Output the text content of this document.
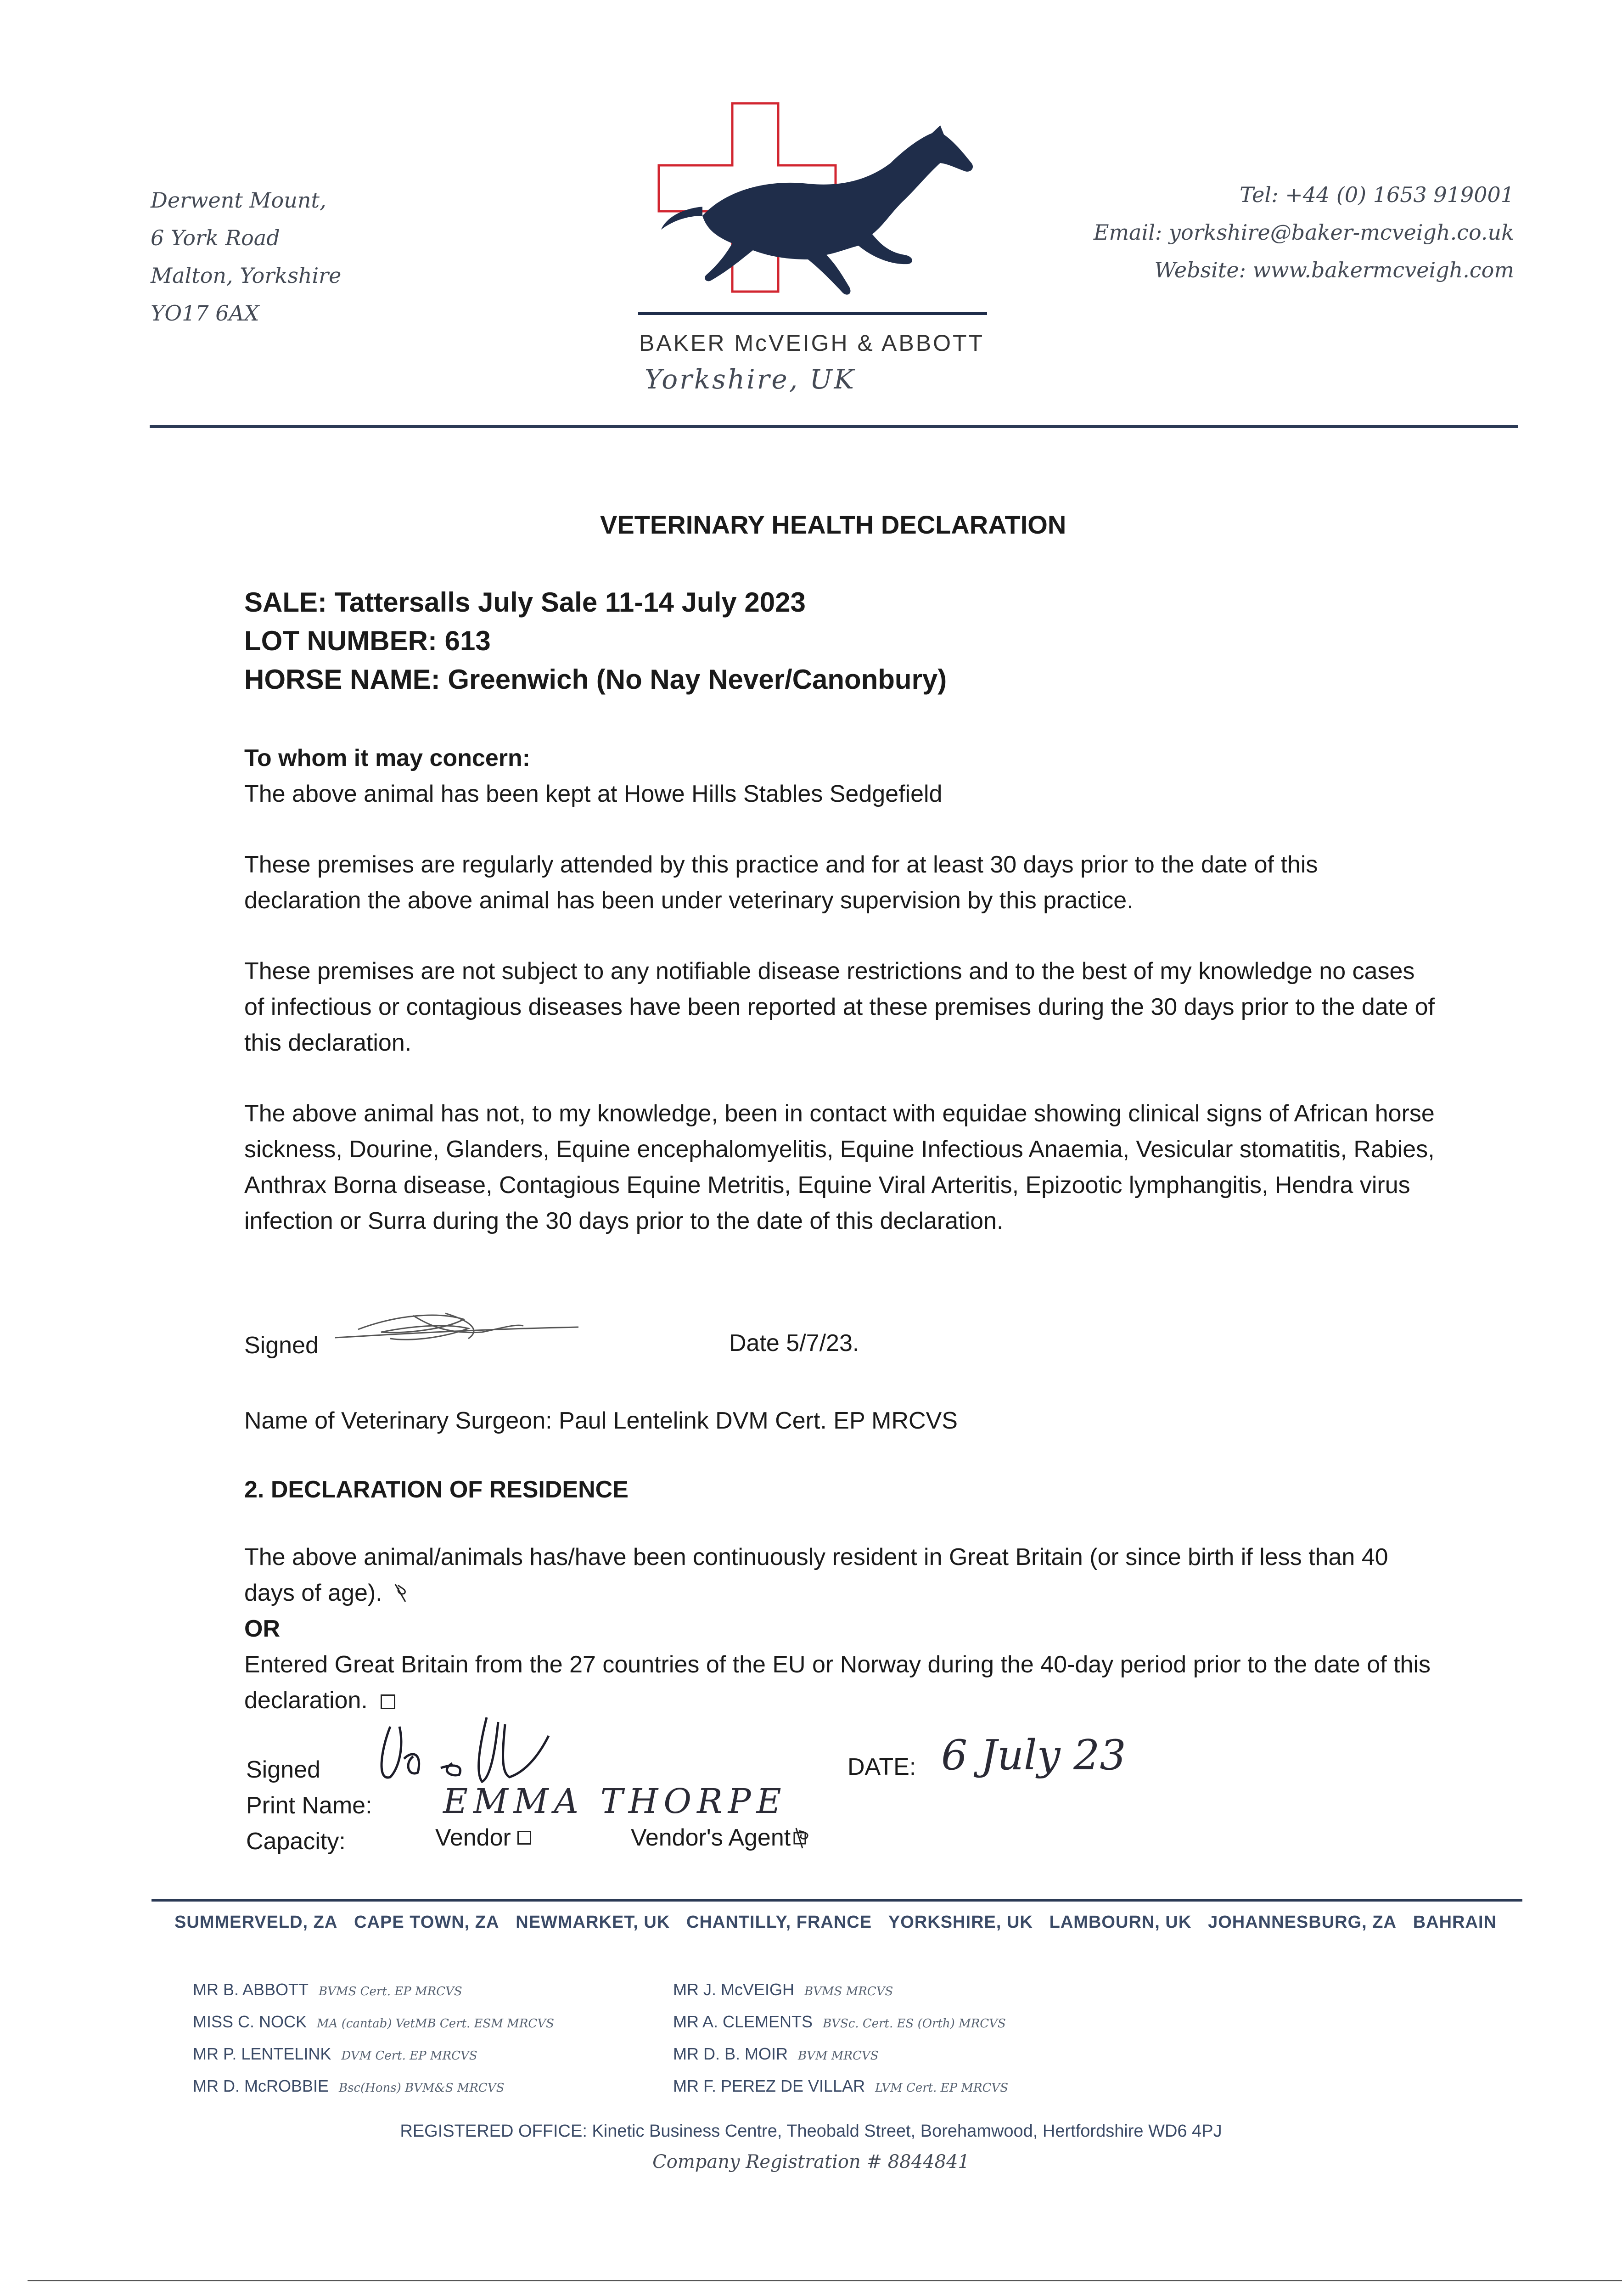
Derwent Mount,
6 York Road
Malton, Yorkshire
YO17 6AX
BAKER McVEIGH & ABBOTT
Yorkshire, UK
Tel: +44 (0) 1653 919001
Email: yorkshire@baker-mcveigh.co.uk
Website: www.bakermcveigh.com
VETERINARY HEALTH DECLARATION
SALE: Tattersalls July Sale 11-14 July 2023
LOT NUMBER: 613
HORSE NAME: Greenwich (No Nay Never/Canonbury)
To whom it may concern:
The above animal has been kept at Howe Hills Stables Sedgefield
These premises are regularly attended by this practice and for at least 30 days prior to the date of this declaration the above animal has been under veterinary supervision by this practice.
These premises are not subject to any notifiable disease restrictions and to the best of my knowledge no cases of infectious or contagious diseases have been reported at these premises during the 30 days prior to the date of this declaration.
The above animal has not, to my knowledge, been in contact with equidae showing clinical signs of African horse sickness, Dourine, Glanders, Equine encephalomyelitis, Equine Infectious Anaemia, Vesicular stomatitis, Rabies, Anthrax Borna disease, Contagious Equine Metritis, Equine Viral Arteritis, Epizootic lymphangitis, Hendra virus infection or Surra during the 30 days prior to the date of this declaration.
Signed	Date 5/7/23.
Name of Veterinary Surgeon: Paul Lentelink DVM Cert. EP MRCVS
2. DECLARATION OF RESIDENCE
The above animal/animals has/have been continuously resident in Great Britain (or since birth if less than 40 days of age).
OR
Entered Great Britain from the 27 countries of the EU or Norway during the 40-day period prior to the date of this declaration.
Signed
Print Name:
Capacity:
EMMA THORPE
DATE: 6 July 23
Vendor	Vendor's Agent
SUMMERVELD, ZA CAPE TOWN, ZA NEWMARKET, UK CHANTILLY, FRANCE YORKSHIRE, UK LAMBOURN, UK JOHANNESBURG, ZA BAHRAIN
MR B. ABBOTT BVMS Cert. EP MRCVS
MISS C. NOCK MA (cantab) VetMB Cert. ESM MRCVS
MR P. LENTELINK DVM Cert. EP MRCVS
MR D. McROBBIE Bsc(Hons) BVM&S MRCVS
MR J. McVEIGH BVMS MRCVS
MR A. CLEMENTS BVSc. Cert. ES (Orth) MRCVS
MR D. B. MOIR BVM MRCVS
MR F. PEREZ DE VILLAR LVM Cert. EP MRCVS
REGISTERED OFFICE: Kinetic Business Centre, Theobald Street, Borehamwood, Hertfordshire WD6 4PJ
Company Registration # 8844841
